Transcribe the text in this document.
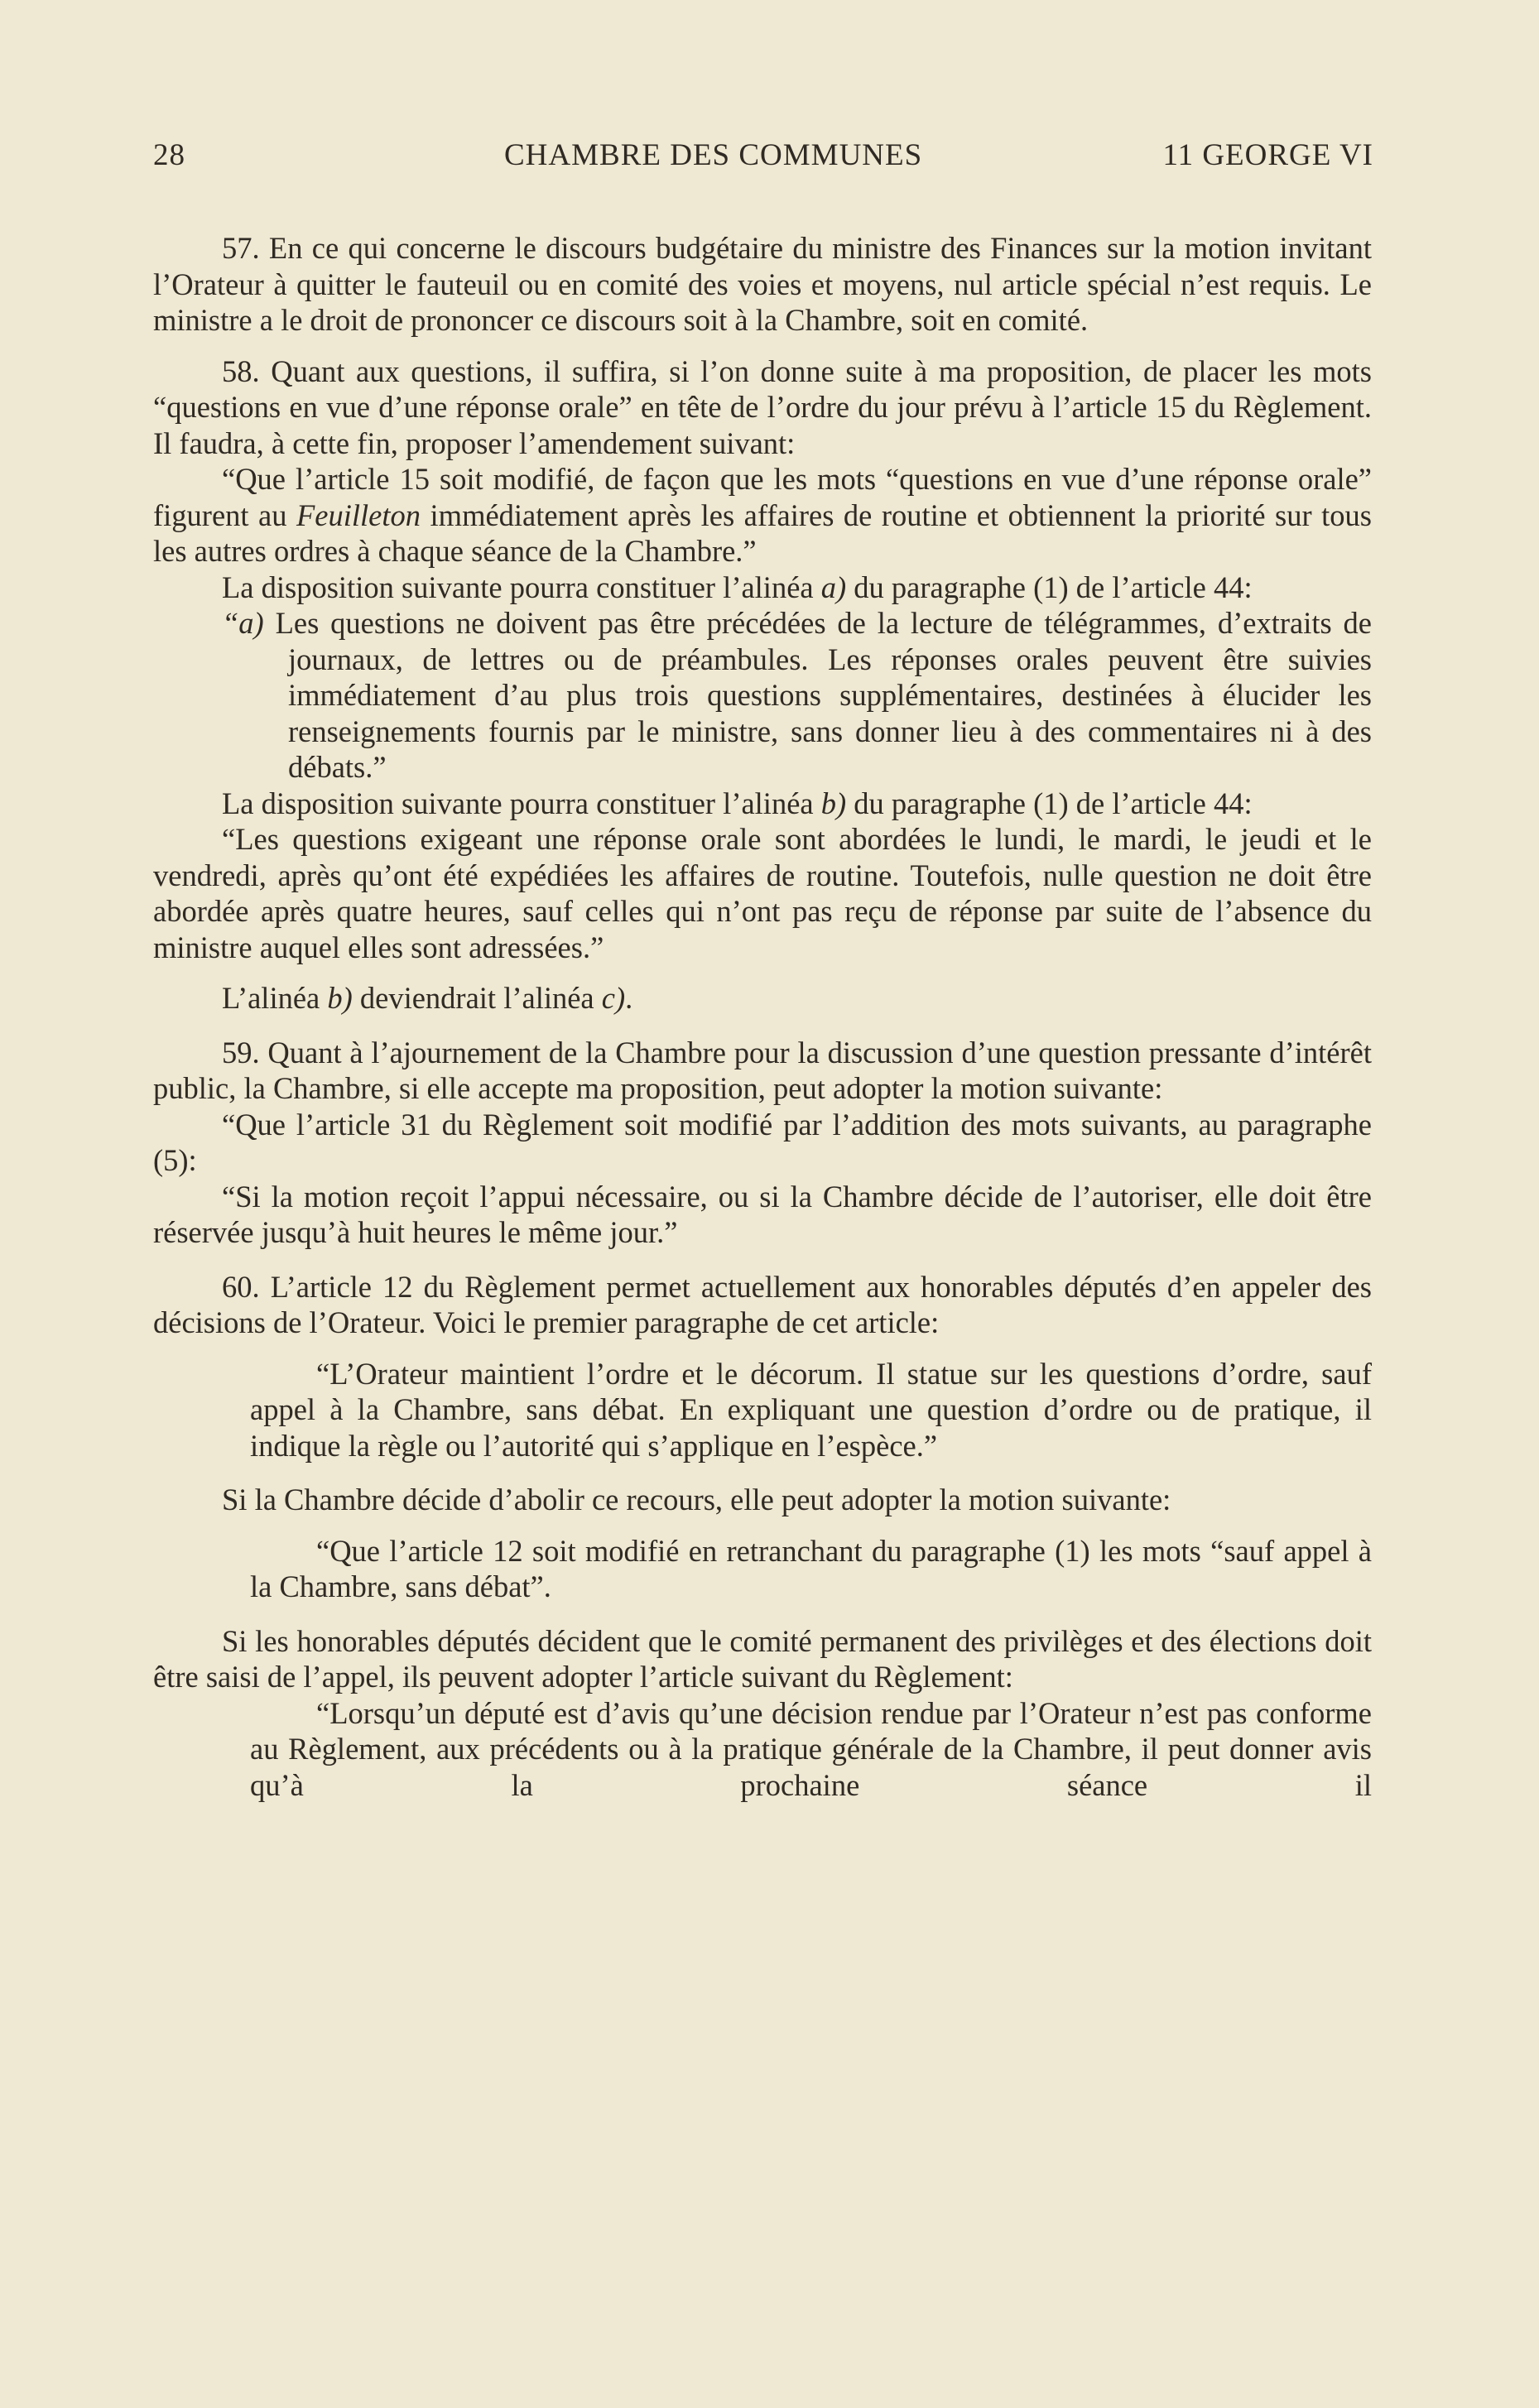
28	CHAMBRE DES COMMUNES	11 GEORGE VI

57. En ce qui concerne le discours budgétaire du ministre des Finances sur la motion invitant l’Orateur à quitter le fauteuil ou en comité des voies et moyens, nul article spécial n’est requis. Le ministre a le droit de prononcer ce discours soit à la Chambre, soit en comité.

58. Quant aux questions, il suffira, si l’on donne suite à ma proposition, de placer les mots “questions en vue d’une réponse orale” en tête de l’ordre du jour prévu à l’article 15 du Règlement. Il faudra, à cette fin, proposer l’amendement suivant:

“Que l’article 15 soit modifié, de façon que les mots “questions en vue d’une réponse orale” figurent au Feuilleton immédiatement après les affaires de routine et obtiennent la priorité sur tous les autres ordres à chaque séance de la Chambre.”

La disposition suivante pourra constituer l’alinéa a) du paragraphe (1) de l’article 44:

“a) Les questions ne doivent pas être précédées de la lecture de télégrammes, d’extraits de journaux, de lettres ou de préambules. Les réponses orales peuvent être suivies immédiatement d’au plus trois questions supplémentaires, destinées à élucider les renseignements fournis par le ministre, sans donner lieu à des commentaires ni à des débats.”

La disposition suivante pourra constituer l’alinéa b) du paragraphe (1) de l’article 44:

“Les questions exigeant une réponse orale sont abordées le lundi, le mardi, le jeudi et le vendredi, après qu’ont été expédiées les affaires de routine. Toutefois, nulle question ne doit être abordée après quatre heures, sauf celles qui n’ont pas reçu de réponse par suite de l’absence du ministre auquel elles sont adressées.”

L’alinéa b) deviendrait l’alinéa c).

59. Quant à l’ajournement de la Chambre pour la discussion d’une question pressante d’intérêt public, la Chambre, si elle accepte ma proposition, peut adopter la motion suivante:

“Que l’article 31 du Règlement soit modifié par l’addition des mots suivants, au paragraphe (5):

“Si la motion reçoit l’appui nécessaire, ou si la Chambre décide de l’autoriser, elle doit être réservée jusqu’à huit heures le même jour.”

60. L’article 12 du Règlement permet actuellement aux honorables députés d’en appeler des décisions de l’Orateur. Voici le premier paragraphe de cet article:

“L’Orateur maintient l’ordre et le décorum. Il statue sur les questions d’ordre, sauf appel à la Chambre, sans débat. En expliquant une question d’ordre ou de pratique, il indique la règle ou l’autorité qui s’applique en l’espèce.”

Si la Chambre décide d’abolir ce recours, elle peut adopter la motion suivante:

“Que l’article 12 soit modifié en retranchant du paragraphe (1) les mots “sauf appel à la Chambre, sans débat”.

Si les honorables députés décident que le comité permanent des privilèges et des élections doit être saisi de l’appel, ils peuvent adopter l’article suivant du Règlement:

“Lorsqu’un député est d’avis qu’une décision rendue par l’Orateur n’est pas conforme au Règlement, aux précédents ou à la pratique générale de la Chambre, il peut donner avis qu’à la prochaine séance il
